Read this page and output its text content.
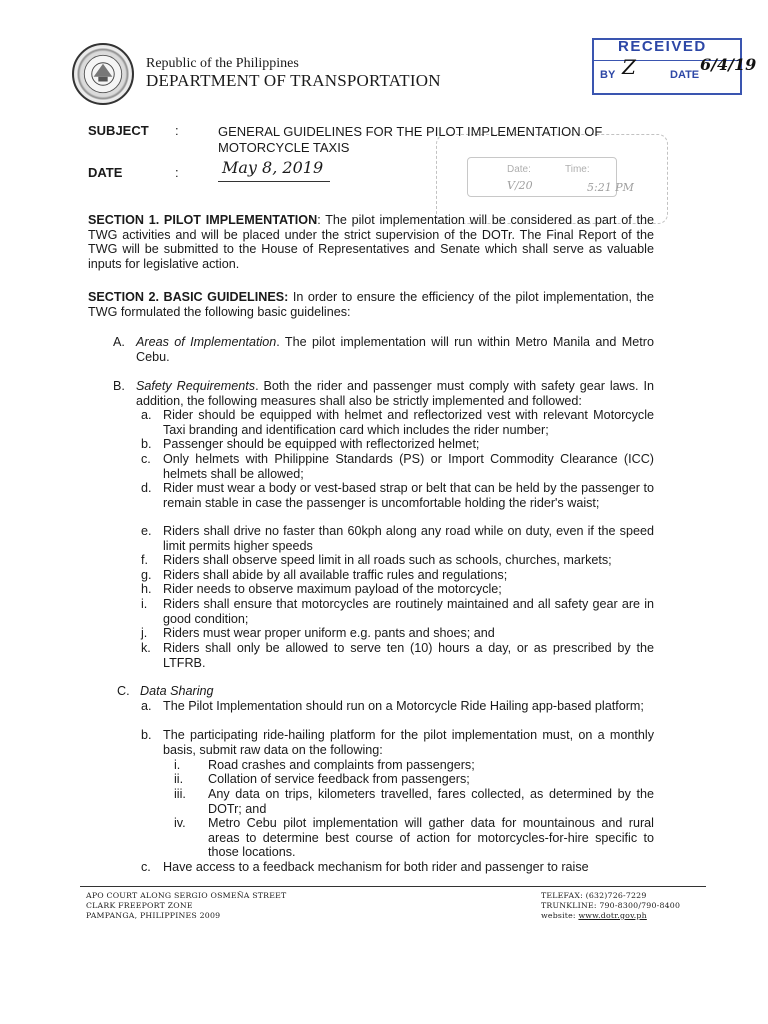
Republic of the Philippines
DEPARTMENT OF TRANSPORTATION
RECEIVED
BY Z	DATE
6/4/19
Date:	Time:
V/20	5:21 PM
SUBJECT :	GENERAL GUIDELINES FOR THE PILOT IMPLEMENTATION OF
MOTORCYCLE TAXIS
DATE	:	May 8, 2019
SECTION 1. PILOT IMPLEMENTATION: The pilot implementation will be considered as part of the TWG activities and will be placed under the strict supervision of the DOTr. The Final Report of the TWG will be submitted to the House of Representatives and Senate which shall serve as valuable inputs for legislative action.
SECTION 2. BASIC GUIDELINES: In order to ensure the efficiency of the pilot implementation, the TWG formulated the following basic guidelines:
A. Areas of Implementation. The pilot implementation will run within Metro Manila and Metro Cebu.
B. Safety Requirements. Both the rider and passenger must comply with safety gear laws. In addition, the following measures shall also be strictly implemented and followed:
a. Rider should be equipped with helmet and reflectorized vest with relevant Motorcycle Taxi branding and identification card which includes the rider number;
b. Passenger should be equipped with reflectorized helmet;
c. Only helmets with Philippine Standards (PS) or Import Commodity Clearance (ICC) helmets shall be allowed;
d. Rider must wear a body or vest-based strap or belt that can be held by the passenger to remain stable in case the passenger is uncomfortable holding the rider's waist;
e. Riders shall drive no faster than 60kph along any road while on duty, even if the speed limit permits higher speeds
f. Riders shall observe speed limit in all roads such as schools, churches, markets;
g. Riders shall abide by all available traffic rules and regulations;
h. Rider needs to observe maximum payload of the motorcycle;
i. Riders shall ensure that motorcycles are routinely maintained and all safety gear are in good condition;
j. Riders must wear proper uniform e.g. pants and shoes; and
k. Riders shall only be allowed to serve ten (10) hours a day, or as prescribed by the LTFRB.
C. Data Sharing
a. The Pilot Implementation should run on a Motorcycle Ride Hailing app-based platform;
b. The participating ride-hailing platform for the pilot implementation must, on a monthly basis, submit raw data on the following:
i. Road crashes and complaints from passengers;
ii. Collation of service feedback from passengers;
iii. Any data on trips, kilometers travelled, fares collected, as determined by the DOTr; and
iv. Metro Cebu pilot implementation will gather data for mountainous and rural areas to determine best course of action for motorcycles-for-hire specific to those locations.
c. Have access to a feedback mechanism for both rider and passenger to raise
APO COURT ALONG SERGIO OSMEÑA STREET
CLARK FREEPORT ZONE
PAMPANGA, PHILIPPINES 2009
TELEFAX: (632)726-7229
TRUNKLINE: 790-8300/790-8400
website: www.dotr.gov.ph
